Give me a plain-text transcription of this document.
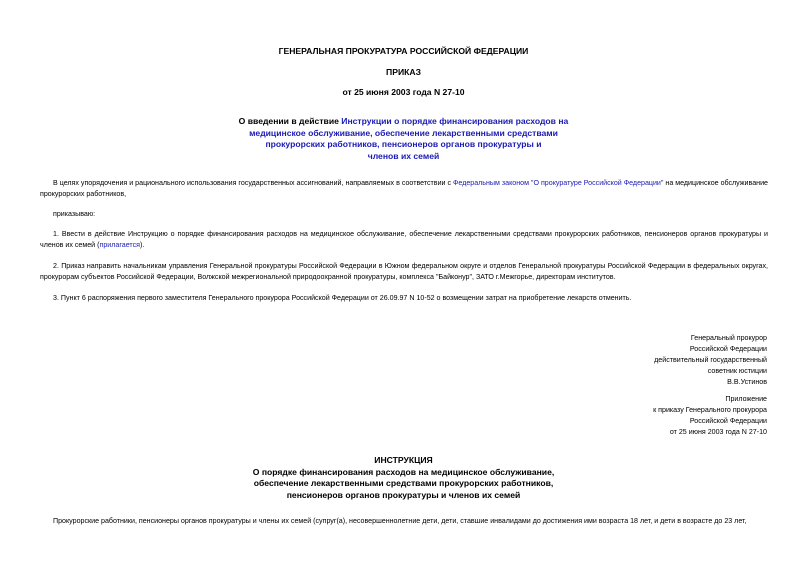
ГЕНЕРАЛЬНАЯ ПРОКУРАТУРА РОССИЙСКОЙ ФЕДЕРАЦИИ
ПРИКАЗ
от 25 июня 2003 года N 27-10
О введении в действие Инструкции о порядке финансирования расходов на
медицинское обслуживание, обеспечение лекарственными средствами
прокурорских работников, пенсионеров органов прокуратуры и
членов их семей
В целях упорядочения и рационального использования государственных ассигнований, направляемых в соответствии с Федеральным законом "О прокуратуре Российской Федерации" на медицинское обслуживание прокурорских работников,
приказываю:
1. Ввести в действие Инструкцию о порядке финансирования расходов на медицинское обслуживание, обеспечение лекарственными средствами прокурорских работников, пенсионеров органов прокуратуры и членов их семей (прилагается).
2. Приказ направить начальникам управления Генеральной прокуратуры Российской Федерации в Южном федеральном округе и отделов Генеральной прокуратуры Российской Федерации в федеральных округах, прокурорам субъектов Российской Федерации, Волжской межрегиональной природоохранной прокуратуры, комплекса "Байконур", ЗАТО г.Межгорье, директорам институтов.
3. Пункт 6 распоряжения первого заместителя Генерального прокурора Российской Федерации от 26.09.97 N 10-52 о возмещении затрат на приобретение лекарств отменить.
Генеральный прокурор
Российской Федерации
действительный государственный
советник юстиции
В.В.Устинов
Приложение
к приказу Генерального прокурора
Российской Федерации
от 25 июня 2003 года N 27-10
ИНСТРУКЦИЯ
О порядке финансирования расходов на медицинское обслуживание,
обеспечение лекарственными средствами прокурорских работников,
пенсионеров органов прокуратуры и членов их семей
Прокурорские работники, пенсионеры органов прокуратуры и члены их семей (супруг(а), несовершеннолетние дети, дети, ставшие инвалидами до достижения ими возраста 18 лет, и дети в возрасте до 23 лет,
